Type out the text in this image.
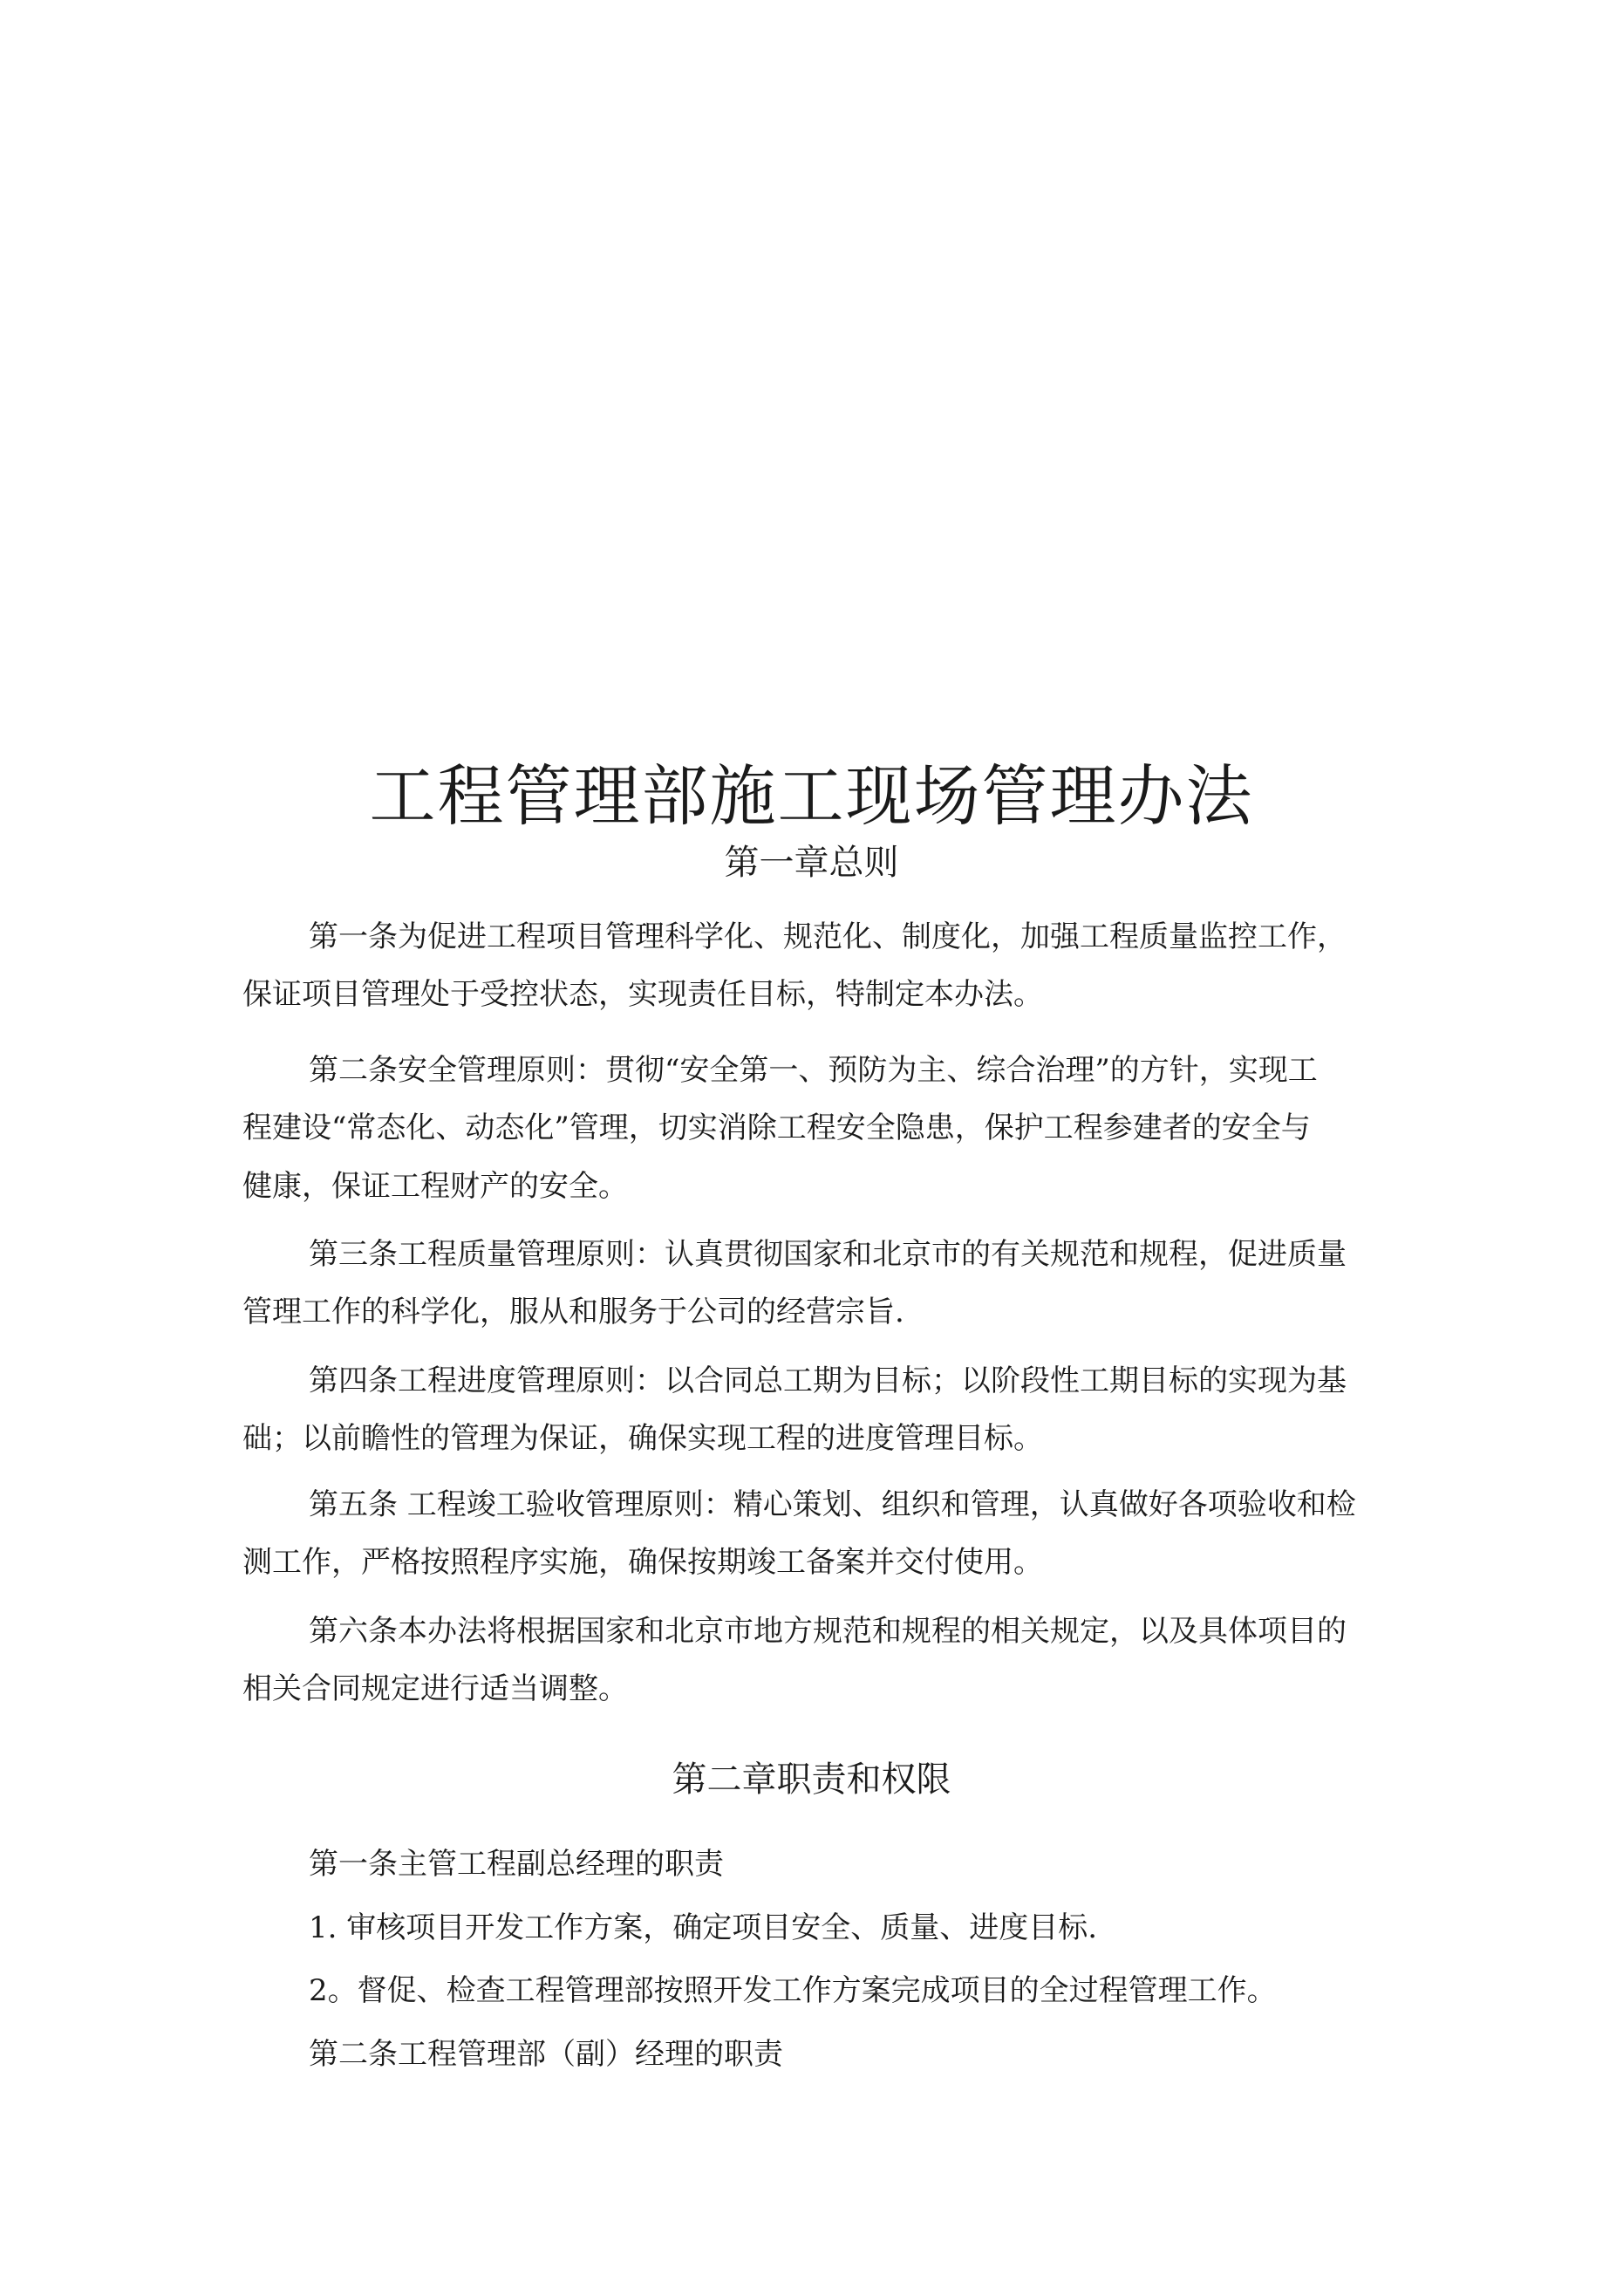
工程管理部施工现场管理办法
第一章总则
第一条为促进工程项目管理科学化、规范化、制度化，加强工程质量监控工作，
保证项目管理处于受控状态，实现责任目标，特制定本办法。
第二条安全管理原则：贯彻“安全第一、预防为主、综合治理”的方针，实现工
程建设“常态化、动态化”管理，切实消除工程安全隐患，保护工程参建者的安全与
健康，保证工程财产的安全。
第三条工程质量管理原则：认真贯彻国家和北京市的有关规范和规程，促进质量
管理工作的科学化，服从和服务于公司的经营宗旨.
第四条工程进度管理原则：以合同总工期为目标；以阶段性工期目标的实现为基
础；以前瞻性的管理为保证，确保实现工程的进度管理目标。
第五条 工程竣工验收管理原则：精心策划、组织和管理，认真做好各项验收和检
测工作，严格按照程序实施，确保按期竣工备案并交付使用。
第六条本办法将根据国家和北京市地方规范和规程的相关规定，以及具体项目的
相关合同规定进行适当调整。
第二章职责和权限
第一条主管工程副总经理的职责
1. 审核项目开发工作方案，确定项目安全、质量、进度目标.
2。督促、检查工程管理部按照开发工作方案完成项目的全过程管理工作。
第二条工程管理部（副）经理的职责
